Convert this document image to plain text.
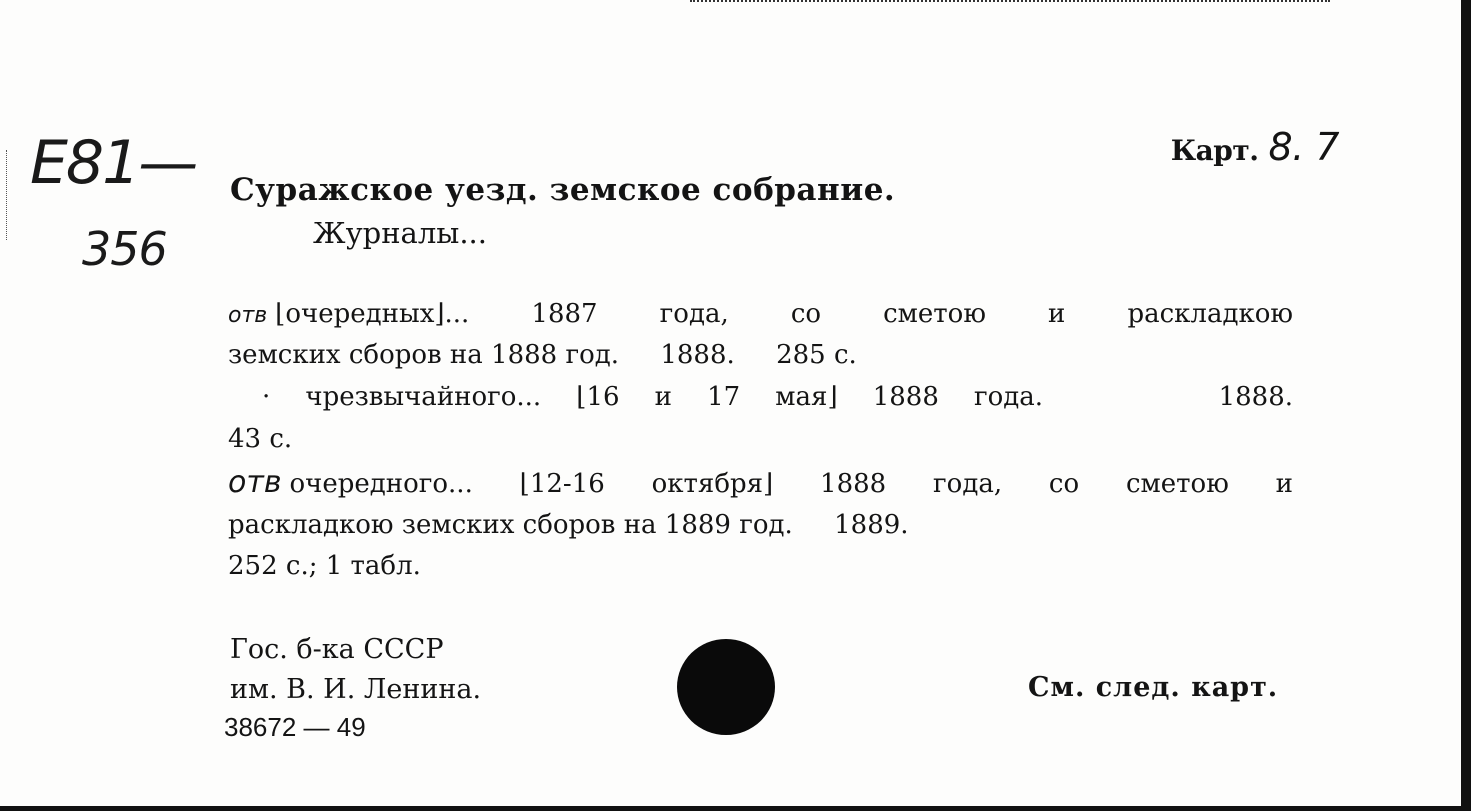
E81—
356
Карт. 8. 7
Суражское уезд. земское собрание.
Журналы...
отв ⌊ очередных ⌋ ... 1887 года, со сметою и раскладкою
земских сборов на 1888 год.     1888.     285 с.
· чрезвычайного... ⌊ 16 и 17 мая ⌋ 1888 года.     1888.
43 с.
отв очередного... ⌊ 12-16 октября ⌋ 1888 года, со сметою и
раскладкою земских сборов на 1889 год.     1889.
252 с.; 1 табл.
Гос. б-ка СССР
им. В. И. Ленина.
38672 — 49
См. след. карт.
